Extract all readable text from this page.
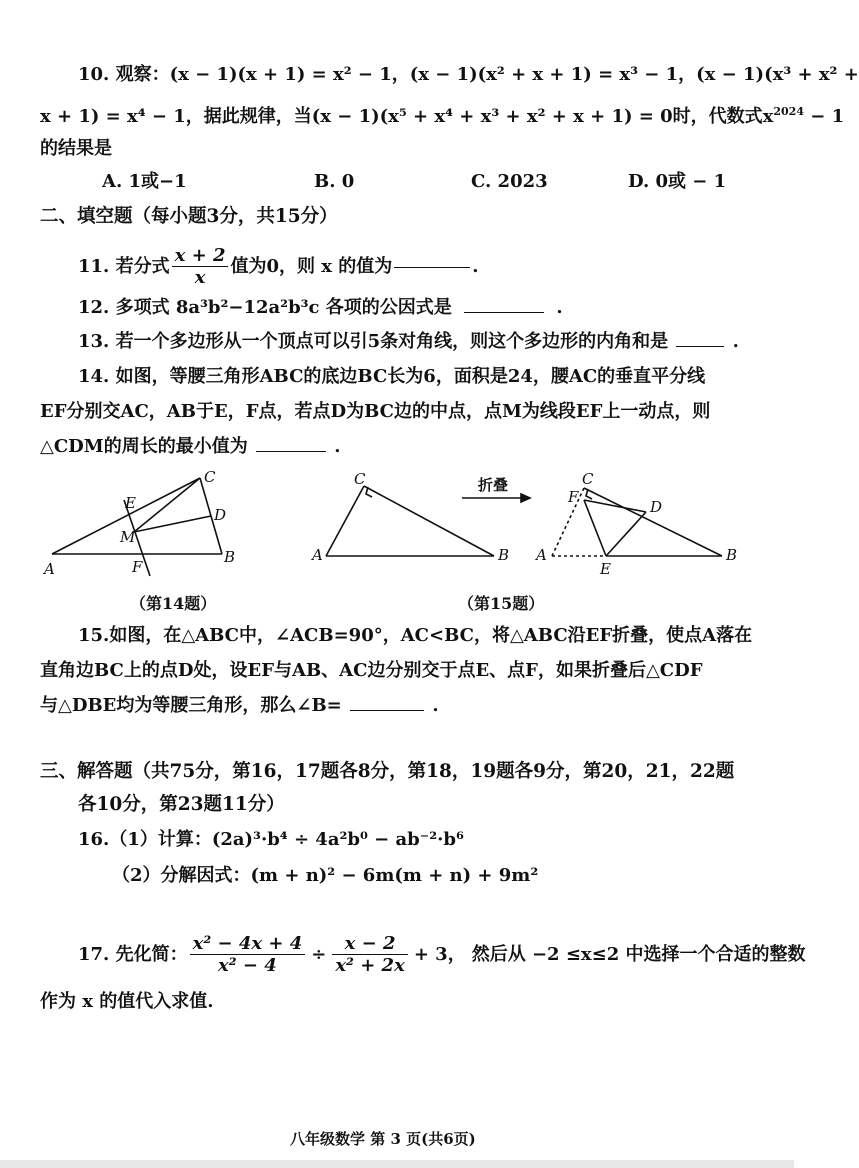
10. 观察：(x − 1)(x + 1) = x² − 1，(x − 1)(x² + x + 1) = x³ − 1，(x − 1)(x³ + x² +
x + 1) = x⁴ − 1，据此规律，当(x − 1)(x⁵ + x⁴ + x³ + x² + x + 1) = 0时，代数式$x^{2024} - 1$
的结果是
A. 1或−1	B. 0	C. 2023	D. 0或 − 1
二、填空题（每小题3分，共15分）
11. 若分式 $\frac{x + 2}{x}$ 值为0，则 x 的值为	.
12. 多项式 8a³b²−12a²b³c 各项的公因式是	.
13. 若一个多边形从一个顶点可以引5条对角线，则这个多边形的内角和是	.
14. 如图，等腰三角形ABC的底边BC长为6，面积是24，腰AC的垂直平分线
EF分别交AC，AB于E，F点，若点D为BC边的中点，点M为线段EF上一动点，则
△CDM的周长的最小值为	.
C
D
B
A
E
M
F
C
A	B
折叠	C
F
D
A
E
B
（第14题）	（第15题）
15.如图，在△ABC中，∠ACB=90°，AC<BC，将△ABC沿EF折叠，使点A落在
直角边BC上的点D处，设EF与AB、AC边分别交于点E、点F，如果折叠后△CDF
与△DBE均为等腰三角形，那么∠B=	.
三、解答题（共75分，第16，17题各8分，第18，19题各9分，第20，21，22题
各10分，第23题11分）
16.（1）计算：(2a)³·b⁴ ÷ 4a²b⁰ − ab⁻²·b⁶
（2）分解因式：(m + n)² − 6m(m + n) + 9m²
17. 先化简： $\frac{\text{x² − 4x + 4}}{\text{x² − 4}} \div \frac{x - 2}{\text{x² + 2x}} + 3$， 然后从 −2 ≤x≤2 中选择一个合适的整数
作为 x 的值代入求值.
八年级数学 第 3 页(共6页)
